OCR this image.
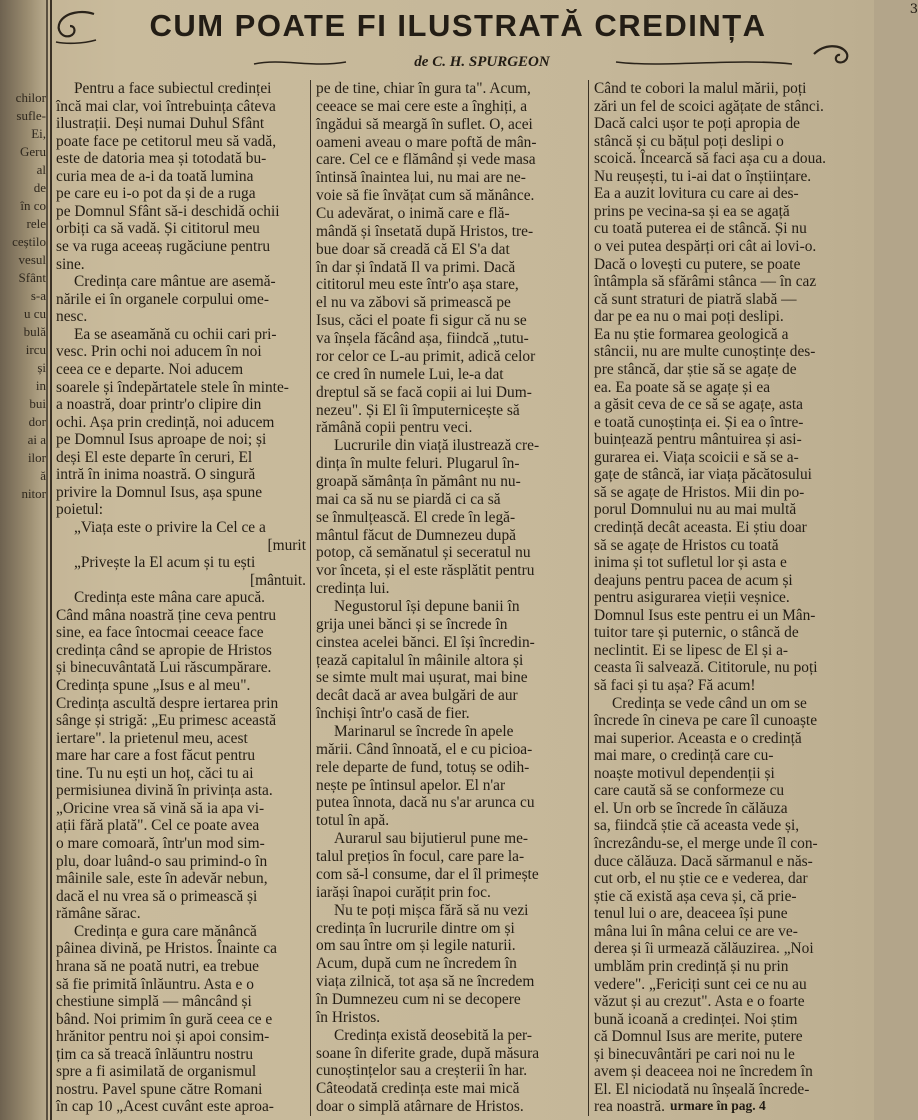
chilor
sufle-
Ei,
Geru
al
de
în co
rele
ceștilo
vesul
Sfânt
s-a
u cu
bulă
ircu
și
in
bui
dor
ai a
ilor
ă
nitor
CUM POATE FI ILUSTRATĂ CREDINȚA
de C. H. SPURGEON
3
Pentru a face subiectul credinței
încă mai clar, voi întrebuința câteva
ilustrații. Deși numai Duhul Sfânt
poate face pe cetitorul meu să vadă,
este de datoria mea și totodată bu-
curia mea de a-i da toată lumina
pe care eu i-o pot da și de a ruga
pe Domnul Sfânt să-i deschidă ochii
orbiți ca să vadă. Și cititorul meu
se va ruga aceeaș rugăciune pentru
sine.
Credința care mântue are asemă-
nările ei în organele corpului ome-
nesc.
Ea se aseamănă cu ochii cari pri-
vesc. Prin ochi noi aducem în noi
ceea ce e departe. Noi aducem
soarele și îndepărtatele stele în minte-
a noastră, doar printr'o clipire din
ochi. Așa prin credință, noi aducem
pe Domnul Isus aproape de noi; și
deși El este departe în ceruri, El
intră în inima noastră. O singură
privire la Domnul Isus, așa spune
poietul:
„Viața este o privire la Cel ce a
[murit
„Privește la El acum și tu ești
[mântuit.
Credința este mâna care apucă.
Când mâna noastră ține ceva pentru
sine, ea face întocmai ceeace face
credința când se apropie de Hristos
și binecuvântată Lui răscumpărare.
Credința spune „Isus e al meu".
Credința ascultă despre iertarea prin
sânge și strigă: „Eu primesc această
iertare". la prietenul meu, acest
mare har care a fost făcut pentru
tine. Tu nu ești un hoț, căci tu ai
permisiunea divină în privința asta.
„Oricine vrea să vină să ia apa vi-
ații fără plată". Cel ce poate avea
o mare comoară, într'un mod sim-
plu, doar luând-o sau primind-o în
mâinile sale, este în adevăr nebun,
dacă el nu vrea să o primească și
rămâne sărac.
Credința e gura care mănâncă
pâinea divină, pe Hristos. Înainte ca
hrana să ne poată nutri, ea trebue
să fie primită înlăuntru. Asta e o
chestiune simplă — mâncând și
bând. Noi primim în gură ceea ce e
hrănitor pentru noi și apoi consim-
țim ca să treacă înlăuntru nostru
spre a fi asimilată de organismul
nostru. Pavel spune către Romani
în cap 10 „Acest cuvânt este aproa-
pe de tine, chiar în gura ta". Acum,
ceeace se mai cere este a înghiți, a
îngădui să meargă în suflet. O, acei
oameni aveau o mare poftă de mân-
care. Cel ce e flămând și vede masa
întinsă înaintea lui, nu mai are ne-
voie să fie învățat cum să mănânce.
Cu adevărat, o inimă care e flă-
mândă și însetată după Hristos, tre-
bue doar să creadă că El S'a dat
în dar și îndată Il va primi. Dacă
cititorul meu este într'o așa stare,
el nu va zăbovi să primească pe
Isus, căci el poate fi sigur că nu se
va înșela făcând așa, fiindcă „tutu-
ror celor ce L-au primit, adică celor
ce cred în numele Lui, le-a dat
dreptul să se facă copii ai lui Dum-
nezeu". Și El îi împuternicește să
rămână copii pentru veci.
Lucrurile din viață ilustrează cre-
dința în multe feluri. Plugarul în-
groapă sămânța în pământ nu nu-
mai ca să nu se piardă ci ca să
se înmulțească. El crede în legă-
mântul făcut de Dumnezeu după
potop, că semănatul și seceratul nu
vor înceta, și el este răsplătit pentru
credința lui.
Negustorul își depune banii în
grija unei bănci și se încrede în
cinstea acelei bănci. El își încredin-
țează capitalul în mâinile altora și
se simte mult mai ușurat, mai bine
decât dacă ar avea bulgări de aur
închiși într'o casă de fier.
Marinarul se încrede în apele
mării. Când înnoată, el e cu picioa-
rele departe de fund, totuș se odih-
nește pe întinsul apelor. El n'ar
putea înnota, dacă nu s'ar arunca cu
totul în apă.
Aurarul sau bijutierul pune me-
talul prețios în focul, care pare la-
com să-l consume, dar el îl primește
iarăși înapoi curățit prin foc.
Nu te poți mișca fără să nu vezi
credința în lucrurile dintre om și
om sau între om și legile naturii.
Acum, după cum ne încredem în
viața zilnică, tot așa să ne încredem
în Dumnezeu cum ni se decopere
în Hristos.
Credința există deosebită la per-
soane în diferite grade, după măsura
cunoștințelor sau a creșterii în har.
Câteodată credința este mai mică
doar o simplă atârnare de Hristos.
Când te cobori la malul mării, poți
zări un fel de scoici agățate de stânci.
Dacă calci ușor te poți apropia de
stâncă și cu bățul poți deslipi o
scoică. Încearcă să faci așa cu a doua.
Nu reușești, tu i-ai dat o înștiințare.
Ea a auzit lovitura cu care ai des-
prins pe vecina-sa și ea se agață
cu toată puterea ei de stâncă. Și nu
o vei putea despărți ori cât ai lovi-o.
Dacă o lovești cu putere, se poate
întâmpla să sfărâmi stânca — în caz
că sunt straturi de piatră slabă —
dar pe ea nu o mai poți deslipi.
Ea nu știe formarea geologică a
stâncii, nu are multe cunoștințe des-
pre stâncă, dar știe să se agațe de
ea. Ea poate să se agațe și ea
a găsit ceva de ce să se agațe, asta
e toată cunoștința ei. Și ea o între-
buințează pentru mântuirea și asi-
gurarea ei. Viața scoicii e să se a-
gațe de stâncă, iar viața păcătosului
să se agațe de Hristos. Mii din po-
porul Domnului nu au mai multă
credință decât aceasta. Ei știu doar
să se agațe de Hristos cu toată
inima și tot sufletul lor și asta e
deajuns pentru pacea de acum și
pentru asigurarea vieții veșnice.
Domnul Isus este pentru ei un Mân-
tuitor tare și puternic, o stâncă de
neclintit. Ei se lipesc de El și a-
ceasta îi salvează. Cititorule, nu poți
să faci și tu așa? Fă acum!
Credința se vede când un om se
încrede în cineva pe care îl cunoaște
mai superior. Aceasta e o credință
mai mare, o credință care cu-
noaște motivul dependenții și
care caută să se conformeze cu
el. Un orb se încrede în călăuza
sa, fiindcă știe că aceasta vede și,
încrezându-se, el merge unde îl con-
duce călăuza. Dacă sărmanul e năs-
cut orb, el nu știe ce e vederea, dar
știe că există așa ceva și, că prie-
tenul lui o are, deaceea își pune
mâna lui în mâna celui ce are ve-
derea și îi urmează călăuzirea. „Noi
umblăm prin credință și nu prin
vedere". „Fericiți sunt cei ce nu au
văzut și au crezut". Asta e o foarte
bună icoană a credinței. Noi știm
că Domnul Isus are merite, putere
și binecuvântări pe cari noi nu le
avem și deaceea noi ne încredem în
El. El niciodată nu înșeală încrede-
rea noastră. urmare în pag. 4
